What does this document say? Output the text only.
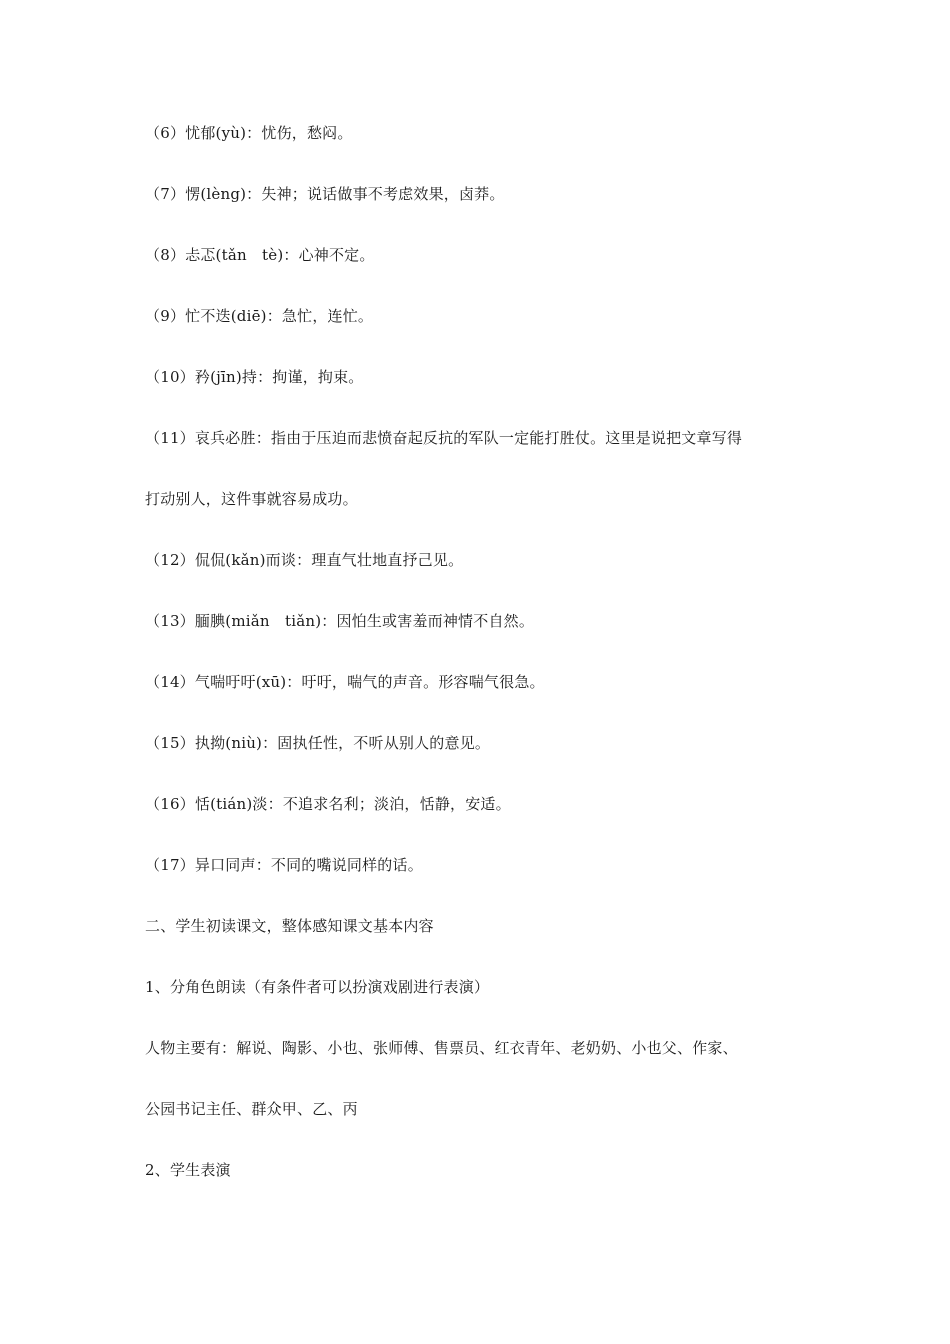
（6）忧郁(yù)：忧伤，愁闷。

（7）愣(lèng)：失神；说话做事不考虑效果，卤莽。

（8）忐忑(tǎn　tè)：心神不定。

（9）忙不迭(diē)：急忙，连忙。

（10）矜(jīn)持：拘谨，拘束。

（11）哀兵必胜：指由于压迫而悲愤奋起反抗的军队一定能打胜仗。这里是说把文章写得

打动别人，这件事就容易成功。

（12）侃侃(kǎn)而谈：理直气壮地直抒己见。

（13）腼腆(miǎn　tiǎn)：因怕生或害羞而神情不自然。

（14）气喘吁吁(xū)：吁吁，喘气的声音。形容喘气很急。

（15）执拗(niù)：固执任性，不听从别人的意见。

（16）恬(tián)淡：不追求名利；淡泊，恬静，安适。

（17）异口同声：不同的嘴说同样的话。

二、学生初读课文，整体感知课文基本内容

1、分角色朗读（有条件者可以扮演戏剧进行表演）

人物主要有：解说、陶影、小也、张师傅、售票员、红衣青年、老奶奶、小也父、作家、

公园书记主任、群众甲、乙、丙

2、学生表演
